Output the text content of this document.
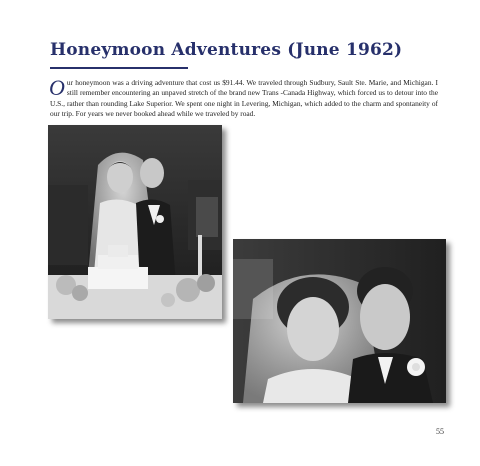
Honeymoon Adventures (June 1962)
Our honeymoon was a driving adventure that cost us $91.44. We traveled through Sudbury, Sault Ste. Marie, and Michigan. I still remember encountering an unpaved stretch of the brand new Trans -Canada Highway, which forced us to detour into the U.S., rather than rounding Lake Superior. We spent one night in Levering, Michigan, which added to the charm and spontaneity of our trip. For years we never booked ahead while we traveled by road.
55
